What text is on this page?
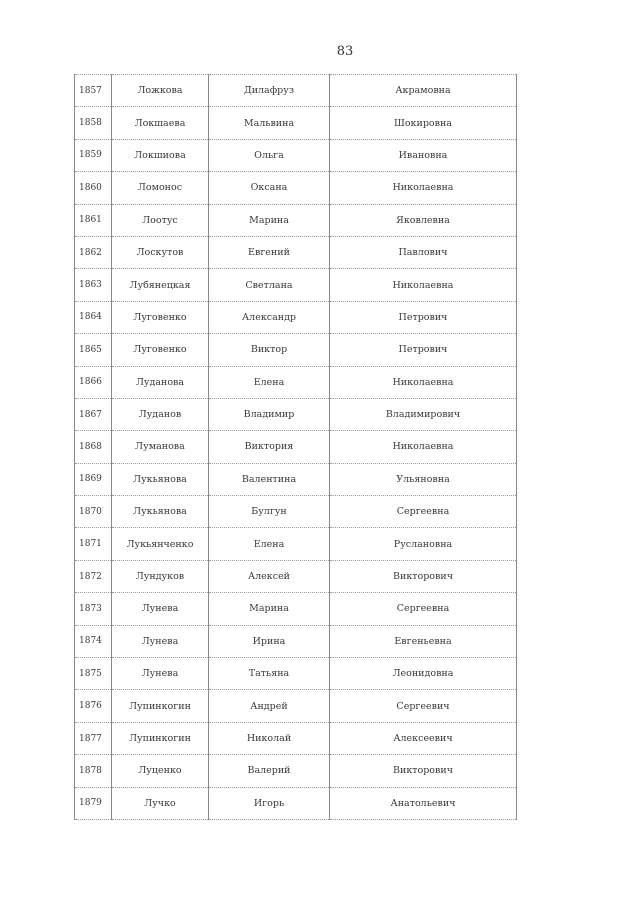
83
1857	Ложкова	Дилафруз	Акрамовна
1858	Локшаева	Мальвина	Шокировна
1859	Локшиова	Ольга	Ивановна
1860	Ломонос	Оксана	Николаевна
1861	Лоотус	Марина	Яковлевна
1862	Лоскутов	Евгений	Павлович
1863	Лубянецкая	Светлана	Николаевна
1864	Луговенко	Александр	Петрович
1865	Луговенко	Виктор	Петрович
1866	Луданова	Елена	Николаевна
1867	Луданов	Владимир	Владимирович
1868	Луманова	Виктория	Николаевна
1869	Лукьянова	Валентина	Ульяновна
1870	Лукьянова	Булгун	Сергеевна
1871	Лукьянченко	Елена	Руслановна
1872	Лундуков	Алексей	Викторович
1873	Лунева	Марина	Сергеевна
1874	Лунева	Ирина	Евгеньевна
1875	Лунева	Татьяна	Леонидовна
1876	Лупинкогин	Андрей	Сергеевич
1877	Лупинкогин	Николай	Алексеевич
1878	Луценко	Валерий	Викторович
1879	Лучко	Игорь	Анатольевич
